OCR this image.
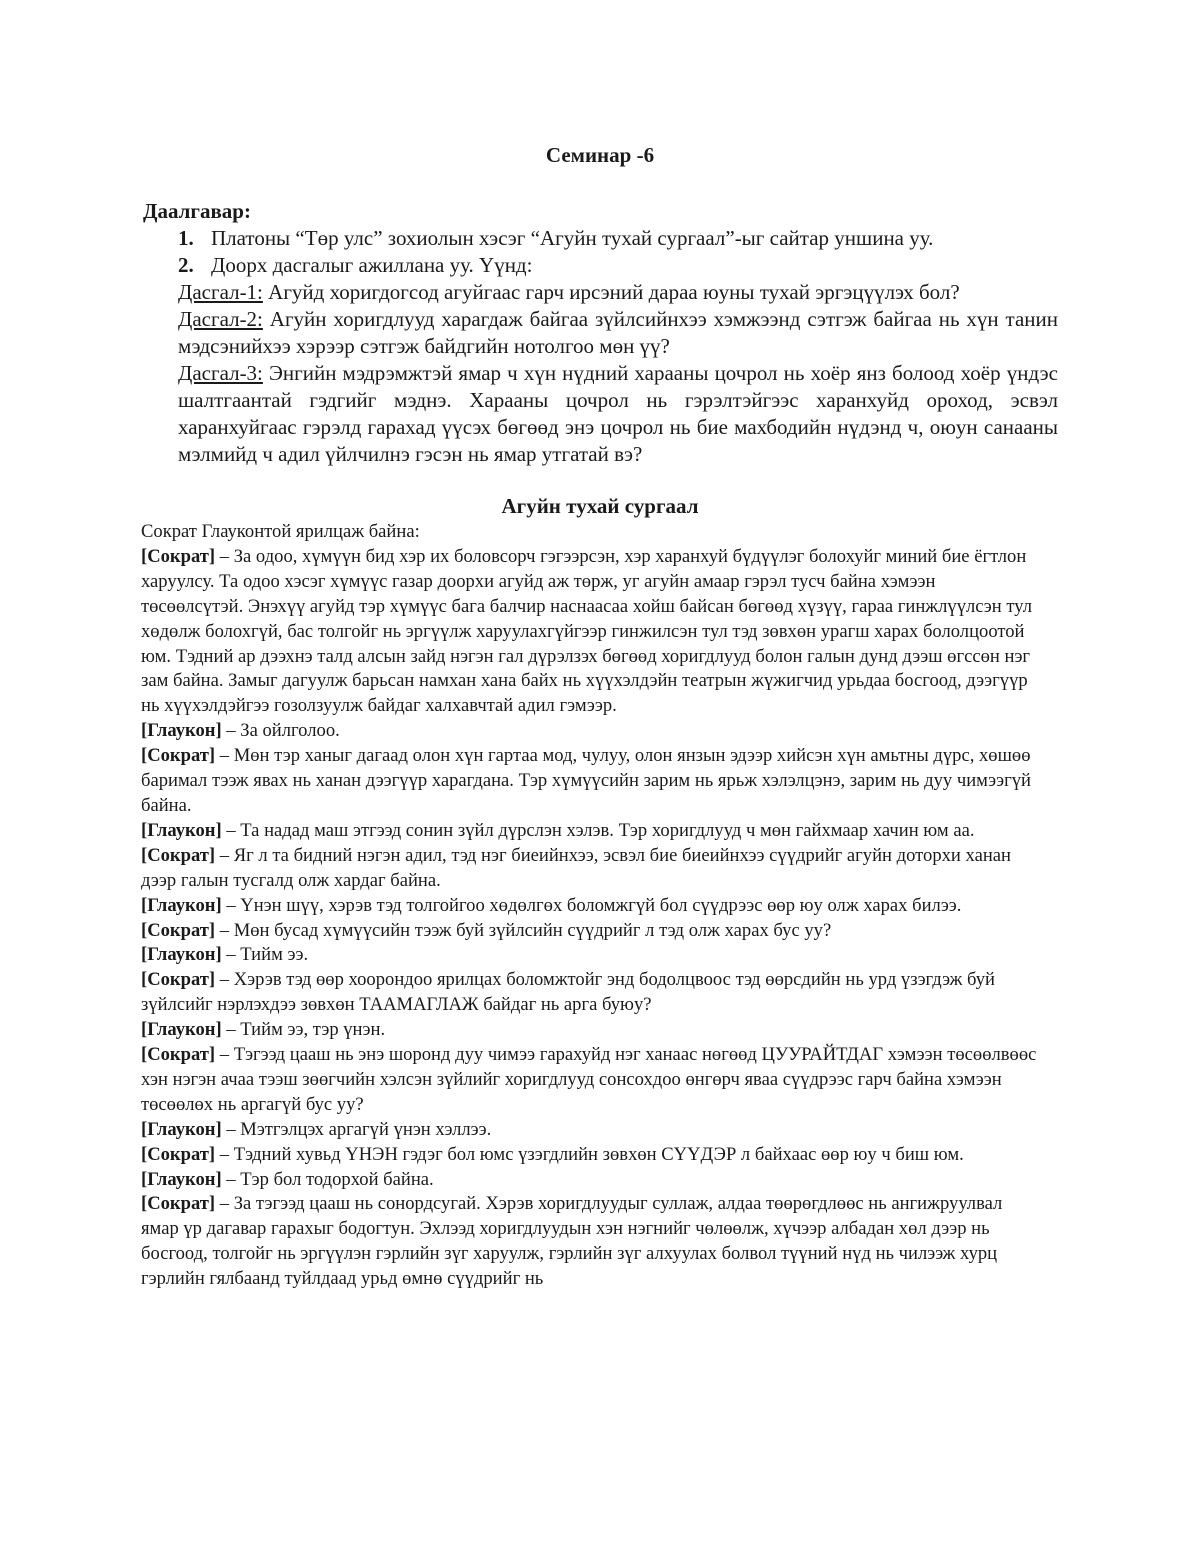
Семинар -6
Даалгавар:
1. Платоны “Төр улс” зохиолын хэсэг “Агуйн тухай сургаал”-ыг сайтар уншина уу.
2. Доорх дасгалыг ажиллана уу. Үүнд:
Дасгал-1: Агуйд хоригдогсод агуйгаас гарч ирсэний дараа юуны тухай эргэцүүлэх бол?
Дасгал-2: Агуйн хоригдлууд харагдаж байгаа зүйлсийнхээ хэмжээнд сэтгэж байгаа нь хүн танин мэдсэнийхээ хэрээр сэтгэж байдгийн нотолгоо мөн үү?
Дасгал-3: Энгийн мэдрэмжтэй ямар ч хүн нүдний харааны цочрол нь хоёр янз болоод хоёр үндэс шалтгаантай гэдгийг мэднэ. Харааны цочрол нь гэрэлтэйгээс харанхуйд ороход, эсвэл харанхуйгаас гэрэлд гарахад үүсэх бөгөөд энэ цочрол нь бие махбодийн нүдэнд ч, оюун санааны мэлмийд ч адил үйлчилнэ гэсэн нь ямар утгатай вэ?
Агуйн тухай сургаал

Сократ Глауконтой ярилцаж байна:

[Сократ] – За одоо, хүмүүн бид хэр их боловсорч гэгээрсэн, хэр харанхуй бүдүүлэг болохуйг миний бие ёгтлон харуулсу. Та одоо хэсэг хүмүүс газар доорхи агуйд аж төрж, уг агуйн амаар гэрэл тусч байна хэмээн төсөөлсүтэй. Энэхүү агуйд тэр хүмүүс бага балчир наснаасаа хойш байсан бөгөөд хүзүү, гараа гинжлүүлсэн тул хөдөлж болохгүй, бас толгойг нь эргүүлж харуулахгүйгээр гинжилсэн тул тэд зөвхөн урагш харах бололцоотой юм. Тэдний ар дээхнэ талд алсын зайд нэгэн гал дүрэлзэх бөгөөд хоригдлууд болон галын дунд дээш өгссөн нэг зам байна. Замыг дагуулж барьсан намхан хана байх нь хүүхэлдэйн театрын жүжигчид урьдаа босгоод, дээгүүр нь хүүхэлдэйгээ гозолзуулж байдаг халхавчтай адил гэмээр.

[Глаукон] – За ойлголоо.

[Сократ] – Мөн тэр ханыг дагаад олон хүн гартаа мод, чулуу, олон янзын эдээр хийсэн хүн амьтны дүрс, хөшөө баримал тээж явах нь ханан дээгүүр харагдана. Тэр хүмүүсийн зарим нь ярьж хэлэлцэнэ, зарим нь дуу чимээгүй байна.

[Глаукон] – Та надад маш этгээд сонин зүйл дүрслэн хэлэв. Тэр хоригдлууд ч мөн гайхмаар хачин юм аа.

[Сократ] – Яг л та бидний нэгэн адил, тэд нэг биеийнхээ, эсвэл бие биеийнхээ сүүдрийг агуйн доторхи ханан дээр галын тусгалд олж хардаг байна.

[Глаукон] – Үнэн шүү, хэрэв тэд толгойгоо хөдөлгөх боломжгүй бол сүүдрээс өөр юу олж харах билээ.

[Сократ] – Мөн бусад хүмүүсийн тээж буй зүйлсийн сүүдрийг л тэд олж харах бус уу?

[Глаукон] – Тийм ээ.

[Сократ] – Хэрэв тэд өөр хоорондоо ярилцах боломжтойг энд бодолцвоос тэд өөрсдийн нь урд үзэгдэж буй зүйлсийг нэрлэхдээ зөвхөн ТААМАГЛАЖ байдаг нь арга буюу?

[Глаукон] – Тийм ээ, тэр үнэн.

[Сократ] – Тэгээд цааш нь энэ шоронд дуу чимээ гарахуйд нэг ханаас нөгөөд ЦУУРАЙТДАГ хэмээн төсөөлвөөс хэн нэгэн ачаа тээш зөөгчийн хэлсэн зүйлийг хоригдлууд сонсохдоо өнгөрч яваа сүүдрээс гарч байна хэмээн төсөөлөх нь аргагүй бус уу?

[Глаукон] – Мэтгэлцэх аргагүй үнэн хэллээ.

[Сократ] – Тэдний хувьд ҮНЭН гэдэг бол юмс үзэгдлийн зөвхөн СҮҮДЭР л байхаас өөр юу ч биш юм.

[Глаукон] – Тэр бол тодорхой байна.

[Сократ] – За тэгээд цааш нь сонордсугай. Хэрэв хоригдлуудыг суллаж, алдаа төөрөгдлөөс нь ангижруулвал ямар үр дагавар гарахыг бодогтун. Эхлээд хоригдлуудын хэн нэгнийг чөлөөлж, хүчээр албадан хөл дээр нь босгоод, толгойг нь эргүүлэн гэрлийн зүг харуулж, гэрлийн зүг алхуулах болвол түүний нүд нь чилээж хурц гэрлийн гялбаанд туйлдаад урьд өмнө сүүдрийг нь
